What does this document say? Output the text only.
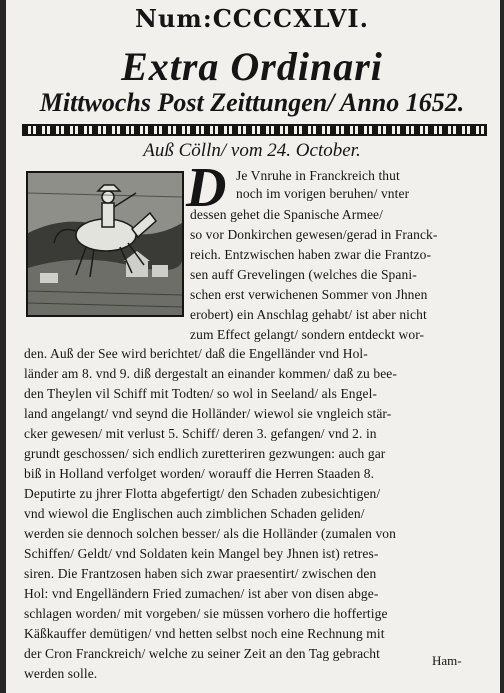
Num:CCCCXLVI.
Extra Ordinari
Mittwochs Post Zeittungen/ Anno 1652.
Auß Cölln/ vom 24. October.
D Je Vnruhe in Franckreich thut
noch im vorigen beruhen/ vnter
dessen gehet die Spanische Armee/
so vor Donkirchen gewesen/gerad in Franck-
reich. Entzwischen haben zwar die Frantzo-
sen auff Grevelingen (welches die Spani-
schen erst verwichenen Sommer von Jhnen
erobert) ein Anschlag gehabt/ ist aber nicht
zum Effect gelangt/ sondern entdeckt wor-
den. Auß der See wird berichtet/ daß die Engelländer vnd Hol-
länder am 8. vnd 9. diß dergestalt an einander kommen/ daß zu bee-
den Theylen vil Schiff mit Todten/ so wol in Seeland/ als Engel-
land angelangt/ vnd seynd die Holländer/ wiewol sie vngleich stär-
cker gewesen/ mit verlust 5. Schiff/ deren 3. gefangen/ vnd 2. in
grundt geschossen/ sich endlich zuretteriren gezwungen: auch gar
biß in Holland verfolget worden/ worauff die Herren Staaden 8.
Deputirte zu jhrer Flotta abgefertigt/ den Schaden zubesichtigen/
vnd wiewol die Englischen auch zimblichen Schaden geliden/
werden sie dennoch solchen besser/ als die Holländer (zumalen von
Schiffen/ Geldt/ vnd Soldaten kein Mangel bey Jhnen ist) retres-
siren. Die Frantzosen haben sich zwar praesentirt/ zwischen den
Hol: vnd Engelländern Fried zumachen/ ist aber von disen abge-
schlagen worden/ mit vorgeben/ sie müssen vorhero die hoffertige
Käßkauffer demütigen/ vnd hetten selbst noch eine Rechnung mit
der Cron Franckreich/ welche zu seiner Zeit an den Tag gebracht
werden solle.
Ham-
